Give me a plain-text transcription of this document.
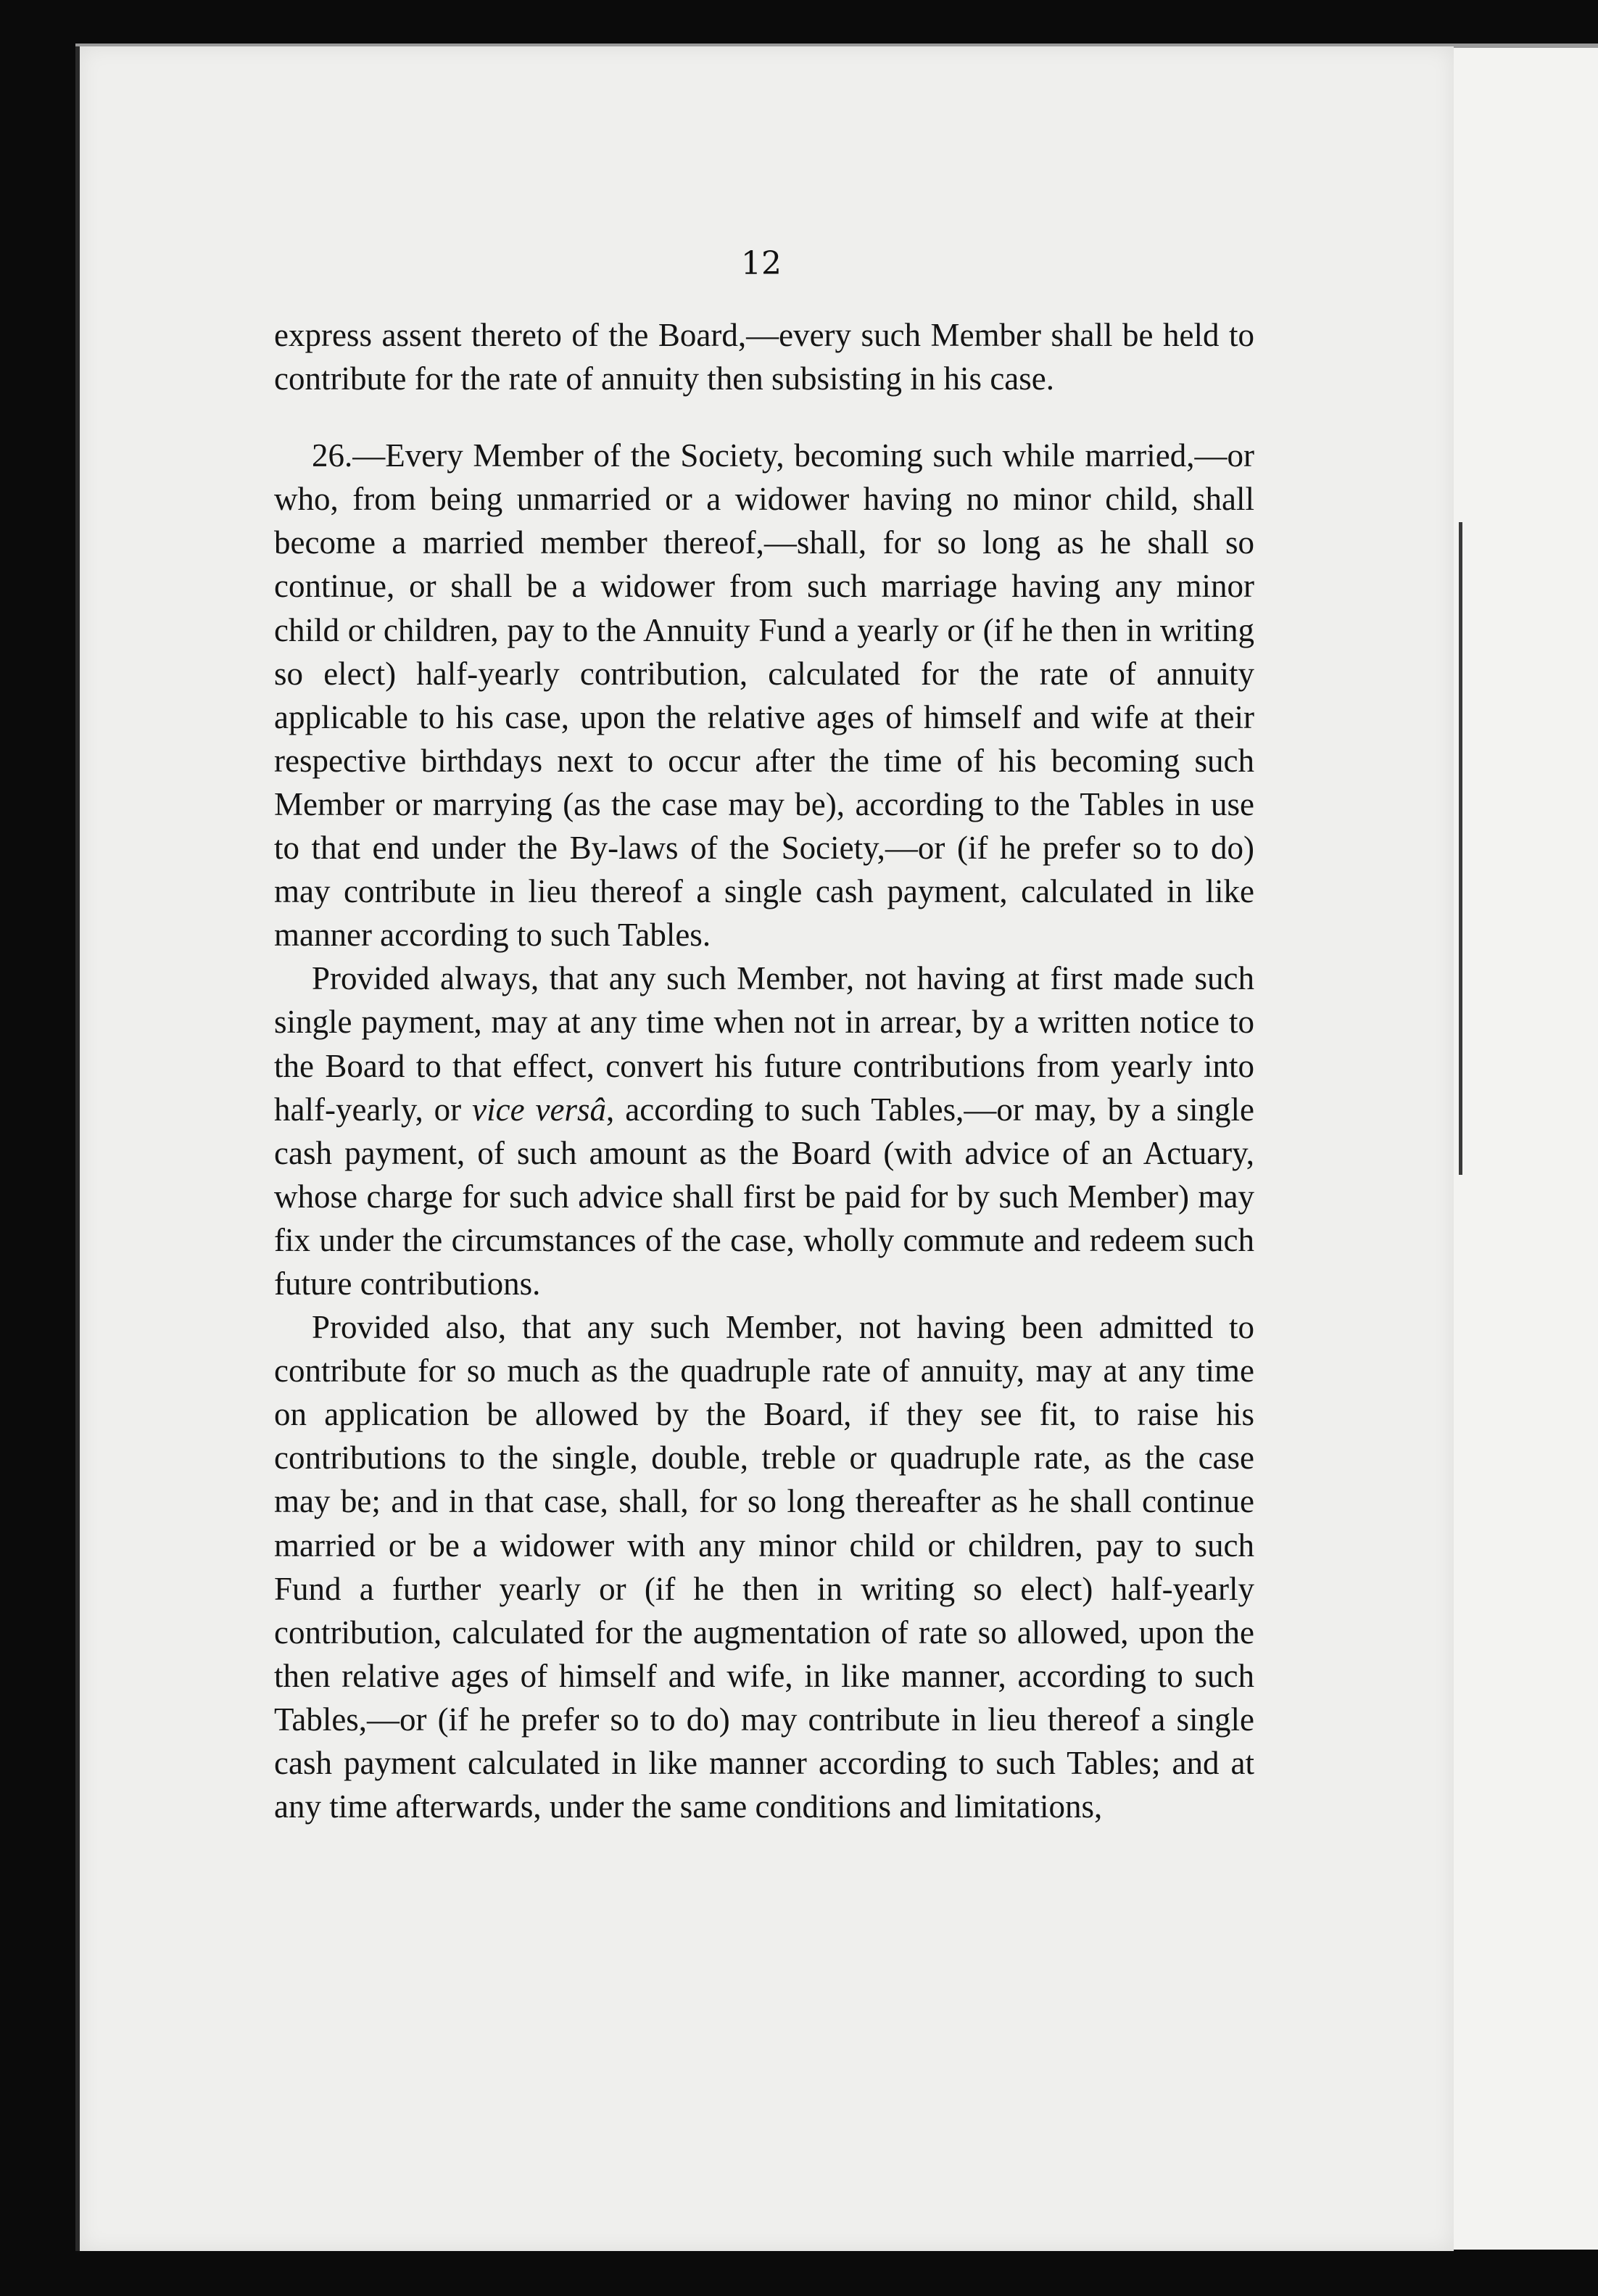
12

express assent thereto of the Board,—every such Member shall be held to contribute for the rate of annuity then subsisting in his case.

26.—Every Member of the Society, becoming such while married,—or who, from being unmarried or a widower having no minor child, shall become a married member thereof,—shall, for so long as he shall so continue, or shall be a widower from such marriage having any minor child or children, pay to the Annuity Fund a yearly or (if he then in writing so elect) half-yearly contribution, calculated for the rate of annuity applicable to his case, upon the relative ages of himself and wife at their respective birthdays next to occur after the time of his becoming such Member or marrying (as the case may be), according to the Tables in use to that end under the By-laws of the Society,—or (if he prefer so to do) may contribute in lieu thereof a single cash payment, calculated in like manner according to such Tables.

Provided always, that any such Member, not having at first made such single payment, may at any time when not in arrear, by a written notice to the Board to that effect, convert his future contributions from yearly into half-yearly, or vice versâ, according to such Tables,—or may, by a single cash payment, of such amount as the Board (with advice of an Actuary, whose charge for such advice shall first be paid for by such Member) may fix under the circumstances of the case, wholly commute and redeem such future contributions.

Provided also, that any such Member, not having been admitted to contribute for so much as the quadruple rate of annuity, may at any time on application be allowed by the Board, if they see fit, to raise his contributions to the single, double, treble or quadruple rate, as the case may be; and in that case, shall, for so long thereafter as he shall continue married or be a widower with any minor child or children, pay to such Fund a further yearly or (if he then in writing so elect) half-yearly contribution, calculated for the augmentation of rate so allowed, upon the then relative ages of himself and wife, in like manner, according to such Tables,—or (if he prefer so to do) may contribute in lieu thereof a single cash payment calculated in like manner according to such Tables; and at any time afterwards, under the same conditions and limitations,
